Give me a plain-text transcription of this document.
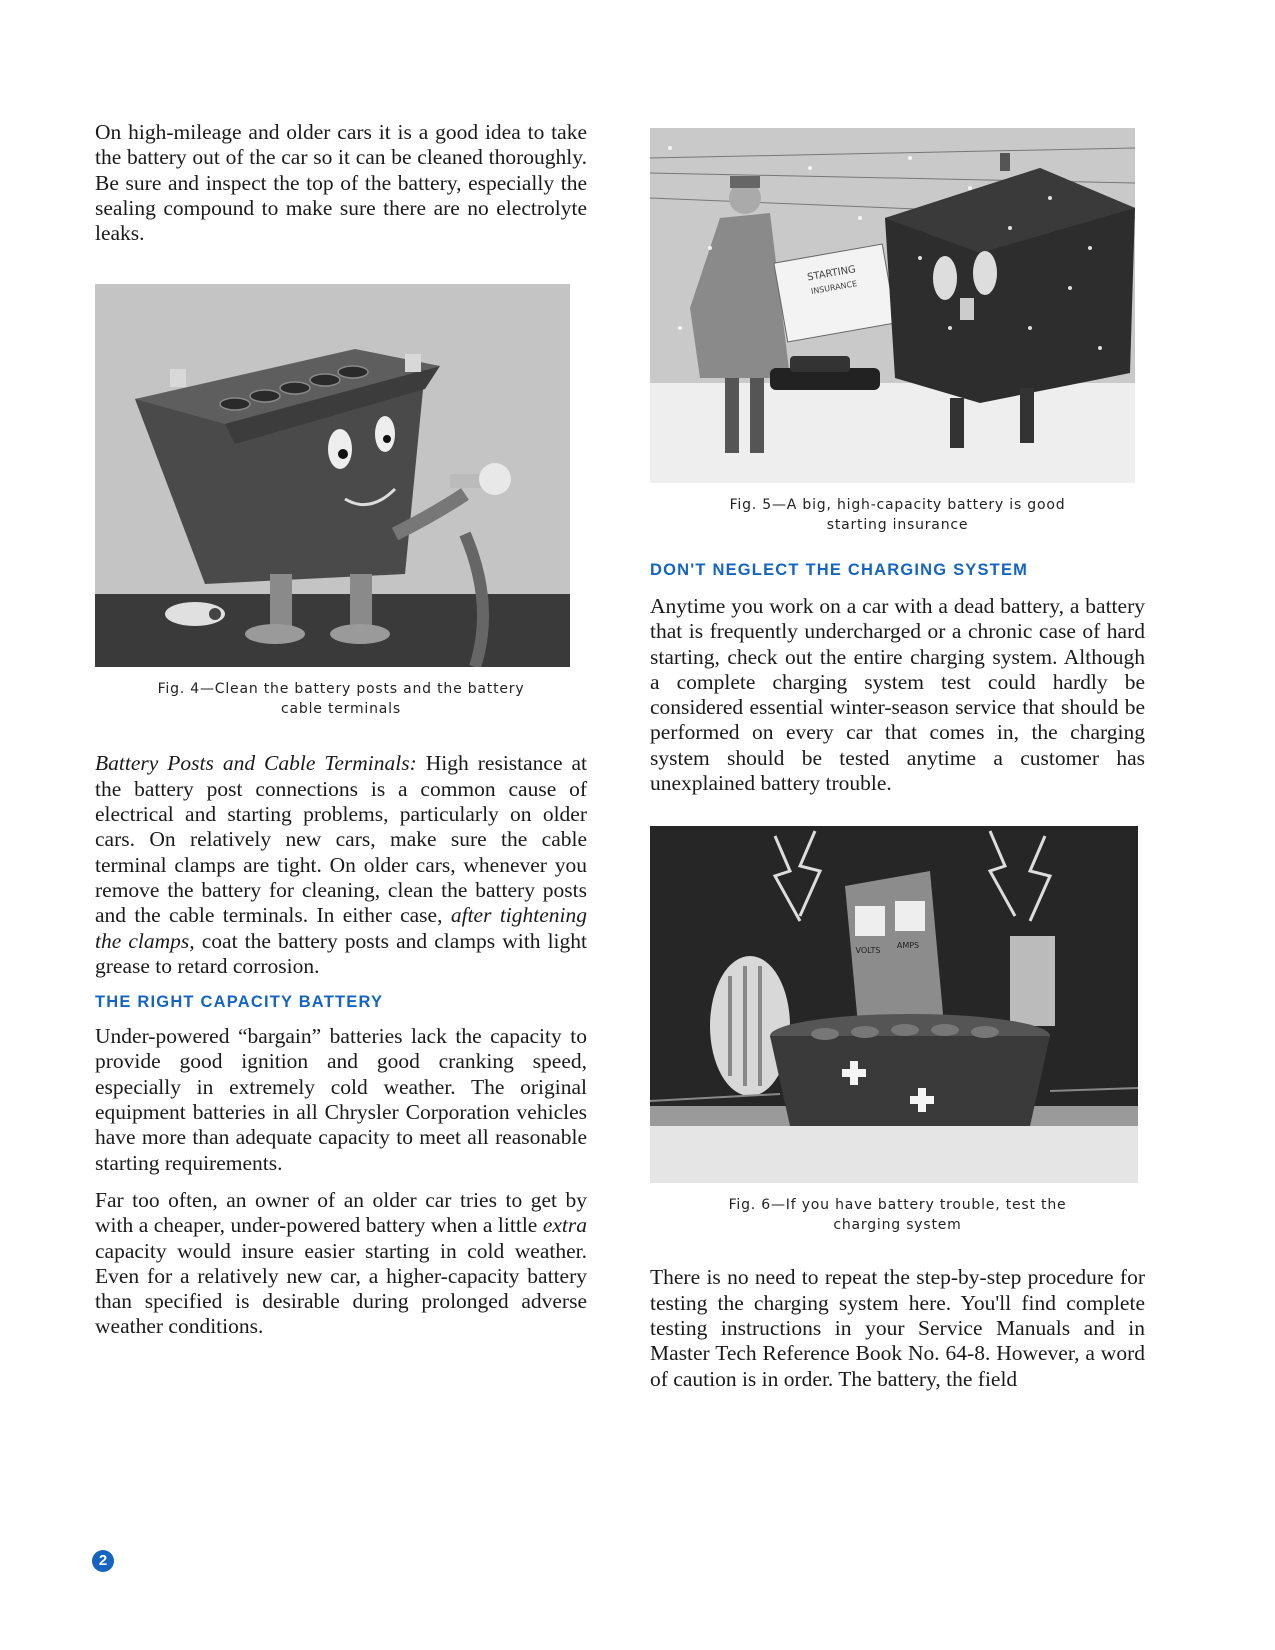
On high-mileage and older cars it is a good idea to take the battery out of the car so it can be cleaned thoroughly. Be sure and inspect the top of the battery, especially the sealing compound to make sure there are no electrolyte leaks.

Fig. 4—Clean the battery posts and the battery
cable terminals

Battery Posts and Cable Terminals: High resistance at the battery post connections is a common cause of electrical and starting problems, particularly on older cars. On relatively new cars, make sure the cable terminal clamps are tight. On older cars, whenever you remove the battery for cleaning, clean the battery posts and the cable terminals. In either case, after tightening the clamps, coat the battery posts and clamps with light grease to retard corrosion.

THE RIGHT CAPACITY BATTERY

Under-powered “bargain” batteries lack the capacity to provide good ignition and good cranking speed, especially in extremely cold weather. The original equipment batteries in all Chrysler Corporation vehicles have more than adequate capacity to meet all reasonable starting requirements.

Far too often, an owner of an older car tries to get by with a cheaper, under-powered battery when a little extra capacity would insure easier starting in cold weather. Even for a relatively new car, a higher-capacity battery than specified is desirable during prolonged adverse weather conditions.

STARTING
INSURANCE

Fig. 5—A big, high-capacity battery is good
starting insurance

DON'T NEGLECT THE CHARGING SYSTEM

Anytime you work on a car with a dead battery, a battery that is frequently undercharged or a chronic case of hard starting, check out the entire charging system. Although a complete charging system test could hardly be considered essential winter-season service that should be performed on every car that comes in, the charging system should be tested anytime a customer has unexplained battery trouble.

VOLTS
AMPS

Fig. 6—If you have battery trouble, test the
charging system

There is no need to repeat the step-by-step procedure for testing the charging system here. You'll find complete testing instructions in your Service Manuals and in Master Tech Reference Book No. 64-8. However, a word of caution is in order. The battery, the field

2
